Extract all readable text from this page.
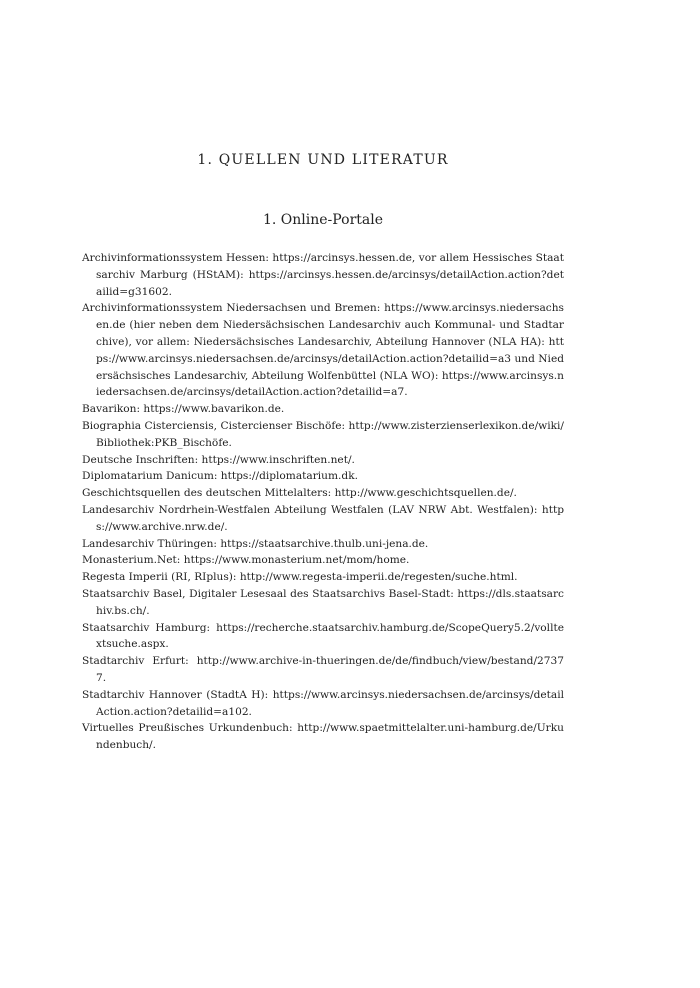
1. QUELLEN UND LITERATUR
1. Online-Portale
Archivinformationssystem Hessen: https://arcinsys.hessen.de, vor allem Hessisches Staatsarchiv Marburg (HStAM): https://arcinsys.hessen.de/arcinsys/detailAction.action?detailid=g31602.
Archivinformationssystem Niedersachsen und Bremen: https://www.arcinsys.niedersachsen.de (hier neben dem Niedersächsischen Landesarchiv auch Kommunal- und Stadtarchive), vor allem: Niedersächsisches Landesarchiv, Abteilung Hannover (NLA HA): https://www.arcinsys.niedersachsen.de/arcinsys/detailAction.action?detailid=a3 und Niedersächsisches Landesarchiv, Abteilung Wolfenbüttel (NLA WO): https://www.arcinsys.niedersachsen.de/arcinsys/detailAction.action?detailid=a7.
Bavarikon: https://www.bavarikon.de.
Biographia Cisterciensis, Cistercienser Bischöfe: http://www.zisterzienserlexikon.de/wiki/Bibliothek:PKB_Bischöfe.
Deutsche Inschriften: https://www.inschriften.net/.
Diplomatarium Danicum: https://diplomatarium.dk.
Geschichtsquellen des deutschen Mittelalters: http://www.geschichtsquellen.de/.
Landesarchiv Nordrhein-Westfalen Abteilung Westfalen (LAV NRW Abt. Westfalen): https://www.archive.nrw.de/.
Landesarchiv Thüringen: https://staatsarchive.thulb.uni-jena.de.
Monasterium.Net: https://www.monasterium.net/mom/home.
Regesta Imperii (RI, RIplus): http://www.regesta-imperii.de/regesten/suche.html.
Staatsarchiv Basel, Digitaler Lesesaal des Staatsarchivs Basel-Stadt: https://dls.staatsarchiv.bs.ch/.
Staatsarchiv Hamburg: https://recherche.staatsarchiv.hamburg.de/ScopeQuery5.2/volltextsuche.aspx.
Stadtarchiv Erfurt: http://www.archive-in-thueringen.de/de/findbuch/view/bestand/27377.
Stadtarchiv Hannover (StadtA H): https://www.arcinsys.niedersachsen.de/arcinsys/detailAction.action?detailid=a102.
Virtuelles Preußisches Urkundenbuch: http://www.spaetmittelalter.uni-hamburg.de/Urkundenbuch/.
